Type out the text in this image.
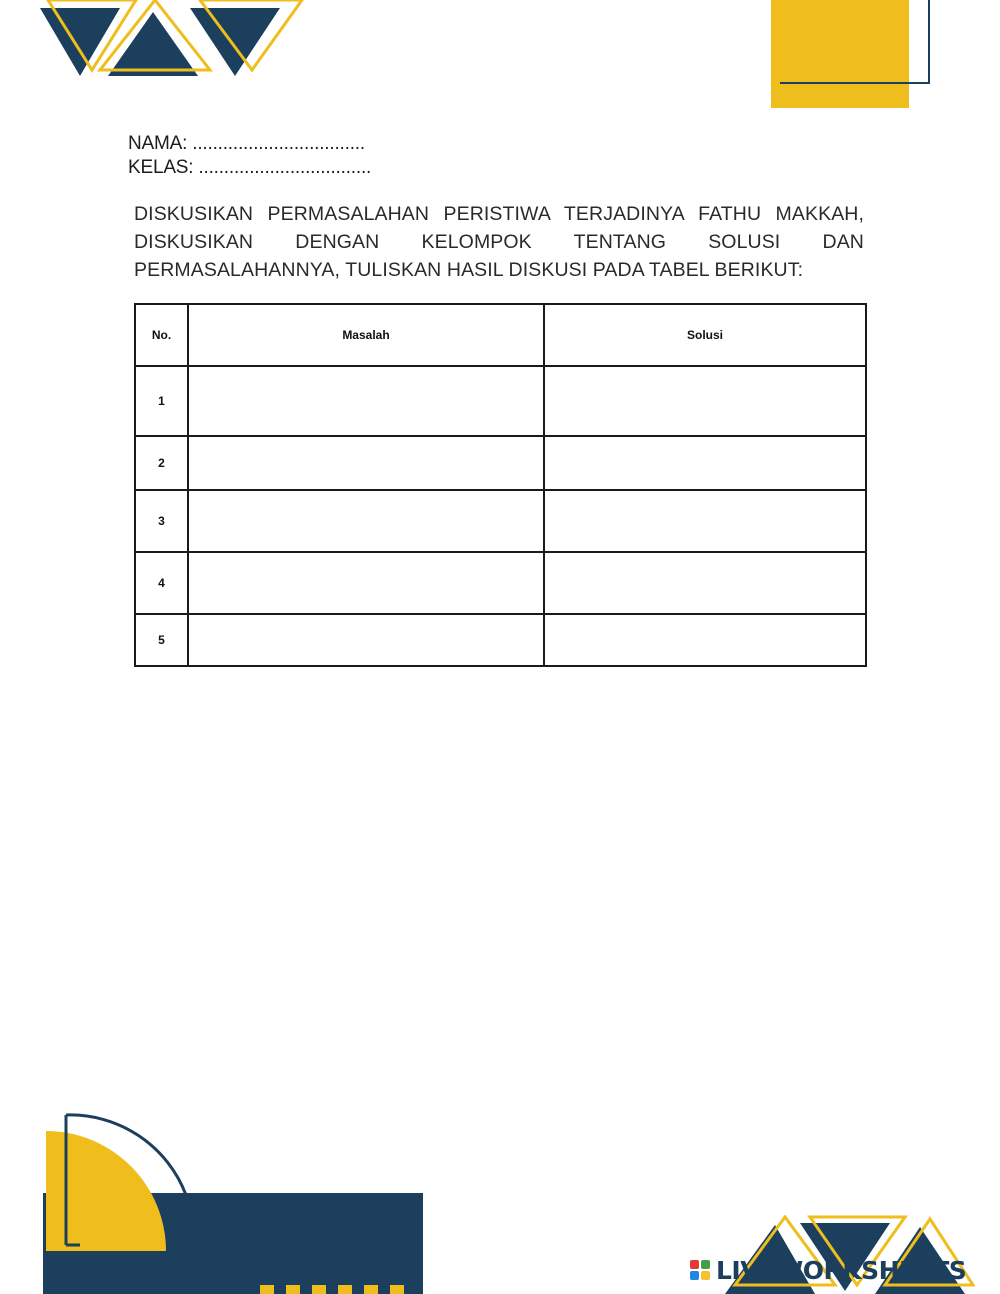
NAMA: ..................................
KELAS: ..................................
DISKUSIKAN PERMASALAHAN PERISTIWA TERJADINYA FATHU MAKKAH, DISKUSIKAN DENGAN KELOMPOK TENTANG SOLUSI DAN
PERMASALAHANNYA, TULISKAN HASIL DISKUSI PADA TABEL BERIKUT:
No.	Masalah	Solusi
1		
2		
3		
4		
5		
LIVEWORKSHEETS
